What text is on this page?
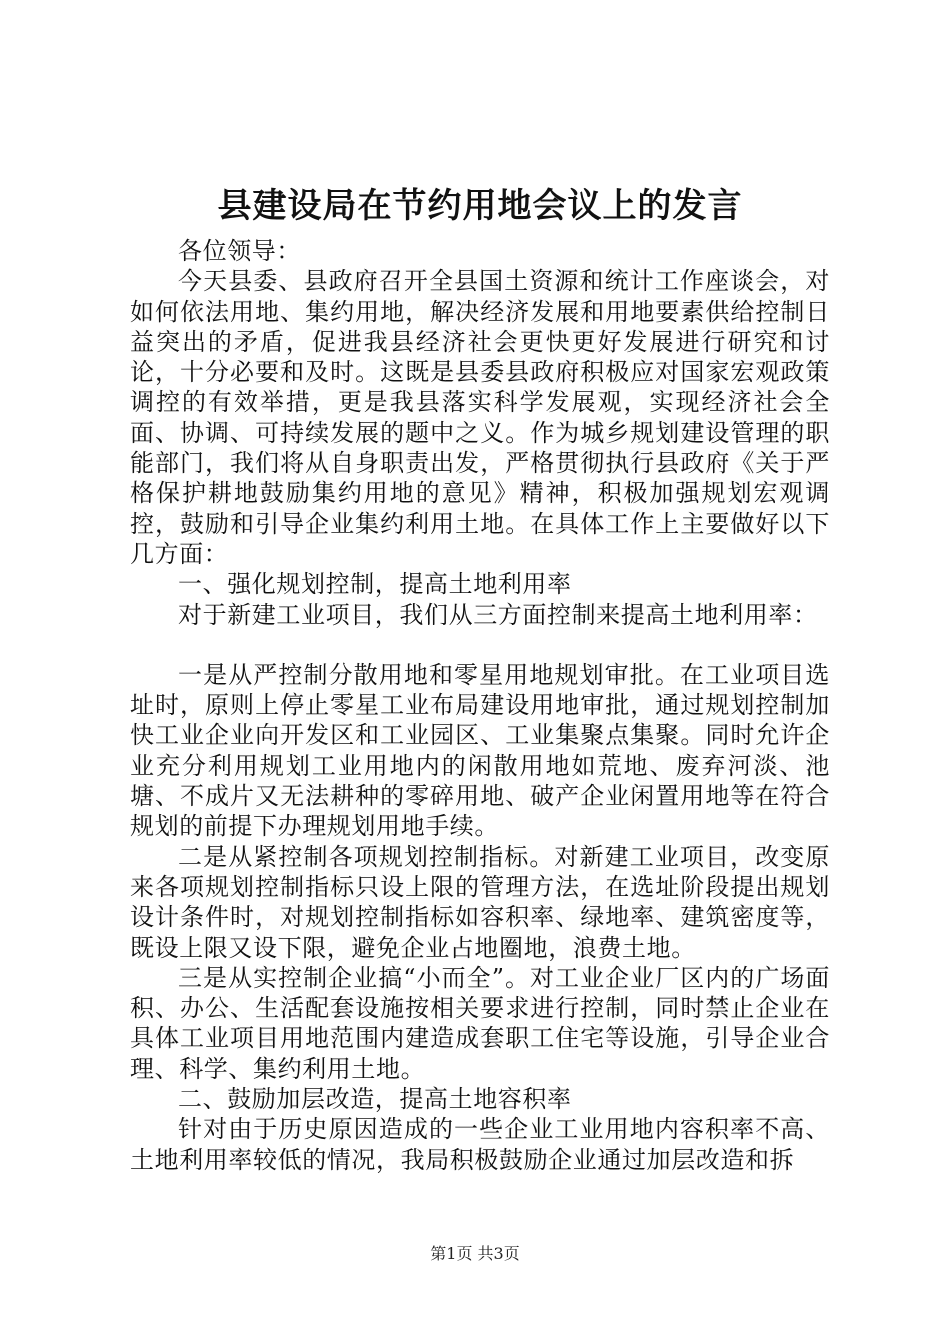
县建设局在节约用地会议上的发言

各位领导：

今天县委、县政府召开全县国土资源和统计工作座谈会，对如何依法用地、集约用地，解决经济发展和用地要素供给控制日益突出的矛盾，促进我县经济社会更快更好发展进行研究和讨论，十分必要和及时。这既是县委县政府积极应对国家宏观政策调控的有效举措，更是我县落实科学发展观，实现经济社会全面、协调、可持续发展的题中之义。作为城乡规划建设管理的职能部门，我们将从自身职责出发，严格贯彻执行县政府《关于严格保护耕地鼓励集约用地的意见》精神，积极加强规划宏观调控，鼓励和引导企业集约利用土地。在具体工作上主要做好以下几方面：

一、强化规划控制，提高土地利用率

对于新建工业项目，我们从三方面控制来提高土地利用率：

一是从严控制分散用地和零星用地规划审批。在工业项目选址时，原则上停止零星工业布局建设用地审批，通过规划控制加快工业企业向开发区和工业园区、工业集聚点集聚。同时允许企业充分利用规划工业用地内的闲散用地如荒地、废弃河淡、池塘、不成片又无法耕种的零碎用地、破产企业闲置用地等在符合规划的前提下办理规划用地手续。

二是从紧控制各项规划控制指标。对新建工业项目，改变原来各项规划控制指标只设上限的管理方法，在选址阶段提出规划设计条件时，对规划控制指标如容积率、绿地率、建筑密度等，既设上限又设下限，避免企业占地圈地，浪费土地。

三是从实控制企业搞“小而全”。对工业企业厂区内的广场面积、办公、生活配套设施按相关要求进行控制，同时禁止企业在具体工业项目用地范围内建造成套职工住宅等设施，引导企业合理、科学、集约利用土地。

二、鼓励加层改造，提高土地容积率

针对由于历史原因造成的一些企业工业用地内容积率不高、土地利用率较低的情况，我局积极鼓励企业通过加层改造和拆

第1页 共3页
